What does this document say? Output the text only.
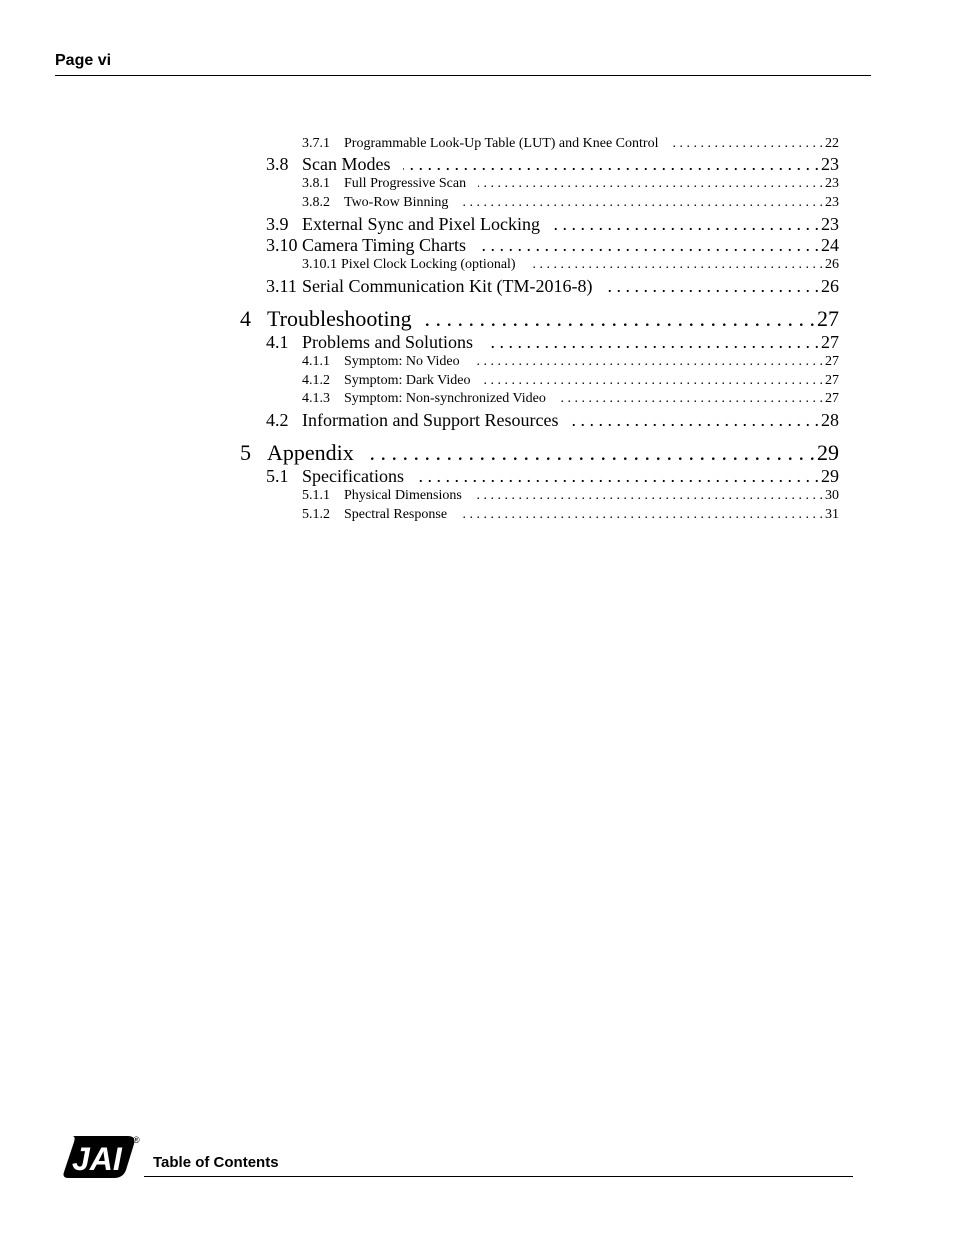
Page vi
3.7.1	Programmable Look-Up Table (LUT) and Knee Control . . .	22
3.8 Scan Modes . . .	23
3.8.1	Full Progressive Scan . . .	23
3.8.2	Two-Row Binning . . .	23
3.9 External Sync and Pixel Locking . . .	23
3.10 Camera Timing Charts . . .	24
3.10.1 Pixel Clock Locking (optional) . . .	26
3.11 Serial Communication Kit (TM-2016-8) . . .	26
4 Troubleshooting . . .	27
4.1 Problems and Solutions . . .	27
4.1.1	Symptom: No Video . . .	27
4.1.2	Symptom: Dark Video . . .	27
4.1.3	Symptom: Non-synchronized Video . . .	27
4.2 Information and Support Resources . . .	28
5 Appendix . . .	29
5.1 Specifications . . .	29
5.1.1	Physical Dimensions . . .	30
5.1.2	Spectral Response . . .	31
JAI
®
Table of Contents
